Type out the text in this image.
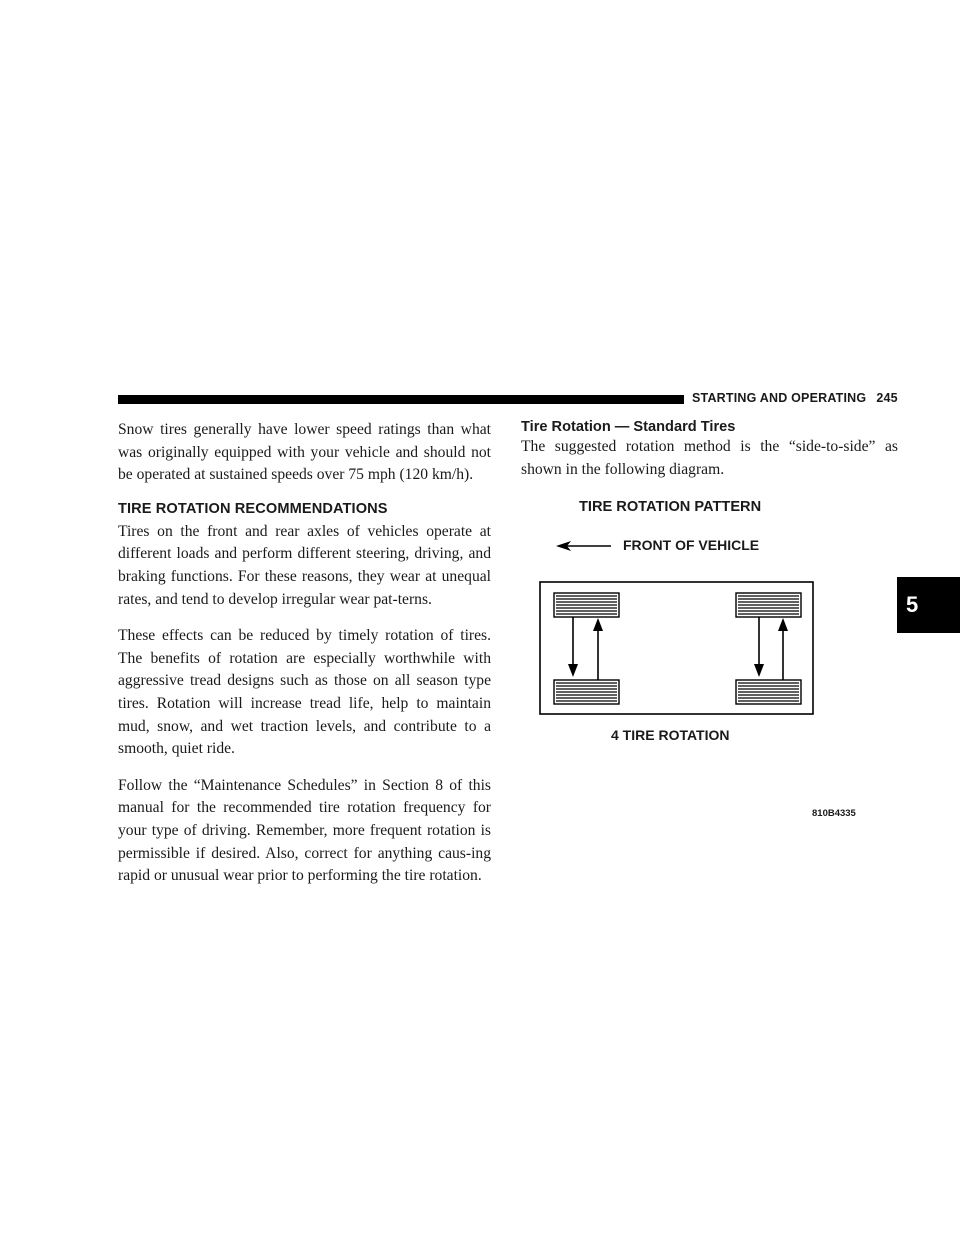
STARTING AND OPERATING 245

Snow tires generally have lower speed ratings than what was originally equipped with your vehicle and should not be operated at sustained speeds over 75 mph (120 km/h).

TIRE ROTATION RECOMMENDATIONS

Tires on the front and rear axles of vehicles operate at different loads and perform different steering, driving, and braking functions. For these reasons, they wear at unequal rates, and tend to develop irregular wear pat-terns.

These effects can be reduced by timely rotation of tires. The benefits of rotation are especially worthwhile with aggressive tread designs such as those on all season type tires. Rotation will increase tread life, help to maintain mud, snow, and wet traction levels, and contribute to a smooth, quiet ride.

Follow the “Maintenance Schedules” in Section 8 of this manual for the recommended tire rotation frequency for your type of driving. Remember, more frequent rotation is permissible if desired. Also, correct for anything caus-ing rapid or unusual wear prior to performing the tire rotation.

Tire Rotation — Standard Tires

The suggested rotation method is the “side-to-side” as shown in the following diagram.

TIRE ROTATION PATTERN
FRONT OF VEHICLE
4 TIRE ROTATION
810B4335
5
